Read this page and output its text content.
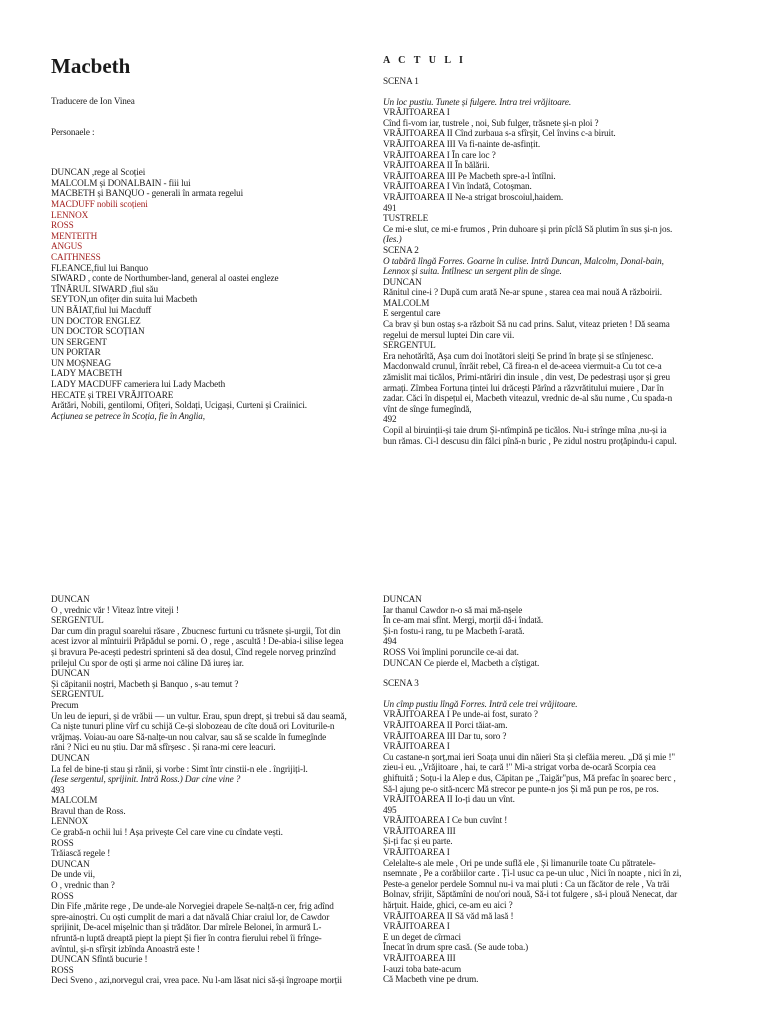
Macbeth
Traducere de Ion Vinea
Personaele :
DUNCAN ,rege al Scoției
MALCOLM și DONALBAIN - fiii lui
MACBETH și BANQUO - generali în armata regelui
MACDUFF nobili scoțieni
LENNOX
ROSS
MENTEITH
ANGUS
CAITHNESS
FLEANCE,fiul lui Banquo
SIWARD , conte de Northumber-land, general al oastei engleze
TÎNĂRUL SIWARD ,fiul său
SEYTON,un ofițer din suita lui Macbeth
UN BĂIAT,fiul lui Macduff
UN DOCTOR ENGLEZ
UN DOCTOR SCOȚIAN
UN SERGENT
UN PORTAR
UN MOȘNEAG
LADY MACBETH
LADY MACDUFF cameriera lui Lady Macbeth
HECATE și TREI VRĂJITOARE
Arătări, Nobili, gentilomi, Ofițeri, Soldați, Ucigași, Curteni și Craiinici.
Acțiunea se petrece în Scoția, fie în Anglia,
A C T U L I
SCENA 1
Un loc pustiu. Tunete și fulgere. Intra trei vrăjitoare.
VRĂJITOAREA I
Cînd fi-vom iar, tustrele , noi, Sub fulger, trăsnete și-n ploi ?
VRĂJITOAREA II Cînd zurbaua s-a sfîrșit, Cel învins c-a biruit.
VRĂJITOAREA III Va fi-nainte de-asfințit.
VRĂJITOAREA I În care loc ?
VRĂJITOAREA II În bălării.
VRĂJITOAREA III Pe Macbeth spre-a-l întîlni.
VRĂJITOAREA I Vin îndată, Cotoșman.
VRĂJITOAREA II Ne-a strigat broscoiul,haidem.
491
TUSTRELE
Ce mi-e slut, ce mi-e frumos , Prin duhoare și prin pîclă Să plutim în sus și-n jos.
(Ies.)
SCENA 2
O tabără lîngă Forres. Goarne în culise. Intră Duncan, Malcolm, Donal-bain,
Lennox și suita. Întîlnesc un sergent plin de sînge.
DUNCAN
Rănitul cine-i ? După cum arată Ne-ar spune , starea cea mai nouă A războirii.
MALCOLM
E sergentul care
Ca brav și bun ostaș s-a războit Să nu cad prins. Salut, viteaz prieten ! Dă seama
regelui de mersul luptei Din care vii.
SERGENTUL
Era nehotărîtă, Așa cum doi înotători sleiți Se prind în brațe și se stînjenesc.
Macdonwald crunul, înrăit rebel, Că firea-n el de-aceea viermuit-a Cu tot ce-a
zămislit mai ticălos, Primi-ntăriri din insule , din vest, De pedestrași ușor și greu
armați. Zîmbea Fortuna țintei lui drăcești Părînd a răzvrătitului muiere , Dar în
zadar. Căci în dispețul ei, Macbeth viteazul, vrednic de-al său nume , Cu spada-n
vînt de sînge fumegîndă,
492
Copil al biruinții-și taie drum Și-ntîmpină pe ticălos. Nu-i strînge mîna ,nu-și ia
bun rămas. Ci-l descusu din fălci pînă-n buric , Pe zidul nostru proțăpindu-i capul.
DUNCAN
O , vrednic văr ! Viteaz între viteji !
SERGENTUL
Dar cum din pragul soarelui răsare , Zbucnesc furtuni cu trăsnete și-urgii, Tot din
acest izvor al mîntuirii Prăpădul se porni. O , rege , ascultă ! De-abia-i silise legea
și bravura Pe-acești pedestri sprinteni să dea dosul, Cînd regele norveg prinzînd
prilejul Cu spor de oști și arme noi căline Dă iureș iar.
DUNCAN
Și căpitanii noștri, Macbeth și Banquo , s-au temut ?
SERGENTUL
Precum
Un leu de iepuri, și de vrăbii — un vultur. Erau, spun drept, și trebui să dau seamă,
Ca niște tunuri pline vîrf cu schijă Ce-și slobozeau de cîte două ori Loviturile-n
vrăjmaș. Voiau-au oare Să-nalțe-un nou calvar, sau să se scalde în fumegînde
răni ? Nici eu nu știu. Dar mă sfîrșesc . Și rana-mi cere leacuri.
DUNCAN
La fel de bine-ți stau și rănii, și vorbe : Simt într cinstii-n ele . îngrijiți-l.
(Iese sergentul, sprijinit. Intră Ross.) Dar cine vine ?
493
MALCOLM
Bravul than de Ross.
LENNOX
Ce grabă-n ochii lui ! Așa privește Cel care vine cu cîndate vești.
ROSS
Trăiască regele !
DUNCAN
De unde vii,
O , vrednic than ?
ROSS
Din Fife ,mărite rege , De unde-ale Norvegiei drapele Se-nalță-n cer, frig adînd
spre-ainoștri. Cu oști cumplit de mari a dat năvală Chiar craiul lor, de Cawdor
sprijinit, De-acel mișelnic than și trădător. Dar mîrele Belonei, în armură L-
nfruntă-n luptă dreaptă piept la piept Și fier în contra fierului rebel îi frînge-
avîntul, și-n sfîrșit izbînda Anoastră este !
DUNCAN Sfîntă bucurie !
ROSS
Deci Sveno , azi,norvegul crai, vrea pace. Nu l-am lăsat nici să-și îngroape morții
DUNCAN
Iar thanul Cawdor n-o să mai mă-nșele
În ce-am mai sfînt. Mergi, morții dă-i îndată.
Și-n fostu-i rang, tu pe Macbeth î-arată.
494
ROSS Voi împlini poruncile ce-ai dat.
DUNCAN Ce pierde el, Macbeth a cîștigat.
SCENA 3
Un cîmp pustiu lîngă Forres. Intră cele trei vrăjitoare.
VRĂJITOAREA I Pe unde-ai fost, surato ?
VRĂJITOAREA II Porci tăiat-am.
VRĂJITOAREA III Dar tu, soro ?
VRĂJITOAREA I
Cu castane-n șorț,mai ieri Soața unui din năieri Sta și clefăia mereu. „Dă și mie !"
zieu-i eu. „Vrăjitoare , hai, te cară !" Mi-a strigat vorba de-ocară Scorpia cea
ghiftuită ; Soțu-i la Alep e dus, Căpitan pe „Taigăr"pus, Mă prefac în șoarec berc ,
Să-l ajung pe-o sită-ncerc Mă strecor pe punte-n jos Și mă pun pe ros, pe ros.
VRĂJITOAREA II Io-ți dau un vînt.
495
VRĂJITOAREA I Ce bun cuvînt !
VRĂJITOAREA III
Și-ți fac și eu parte.
VRĂJITOAREA I
Celelalte-s ale mele , Ori pe unde suflă ele , Și limanurile toate Cu pătratele-
nsemnate , Pe a corăbiilor carte . Ți-l usuc ca pe-un uluc , Nici în noapte , nici în zi,
Peste-a genelor perdele Somnul nu-i va mai pluti : Ca un făcător de rele , Va trăi
Bolnav, sfrijit, Săptămîni de nou'ori nouă, Să-i tot fulgere , să-i plouă Nenecat, dar
hărțuit. Haide, ghici, ce-am eu aici ?
VRĂJITOAREA II Să văd mă lasă !
VRĂJITOAREA I
E un deget de cîrmaci
Înecat în drum spre casă. (Se aude toba.)
VRĂJITOAREA III
I-auzi toba bate-acum
Că Macbeth vine pe drum.
